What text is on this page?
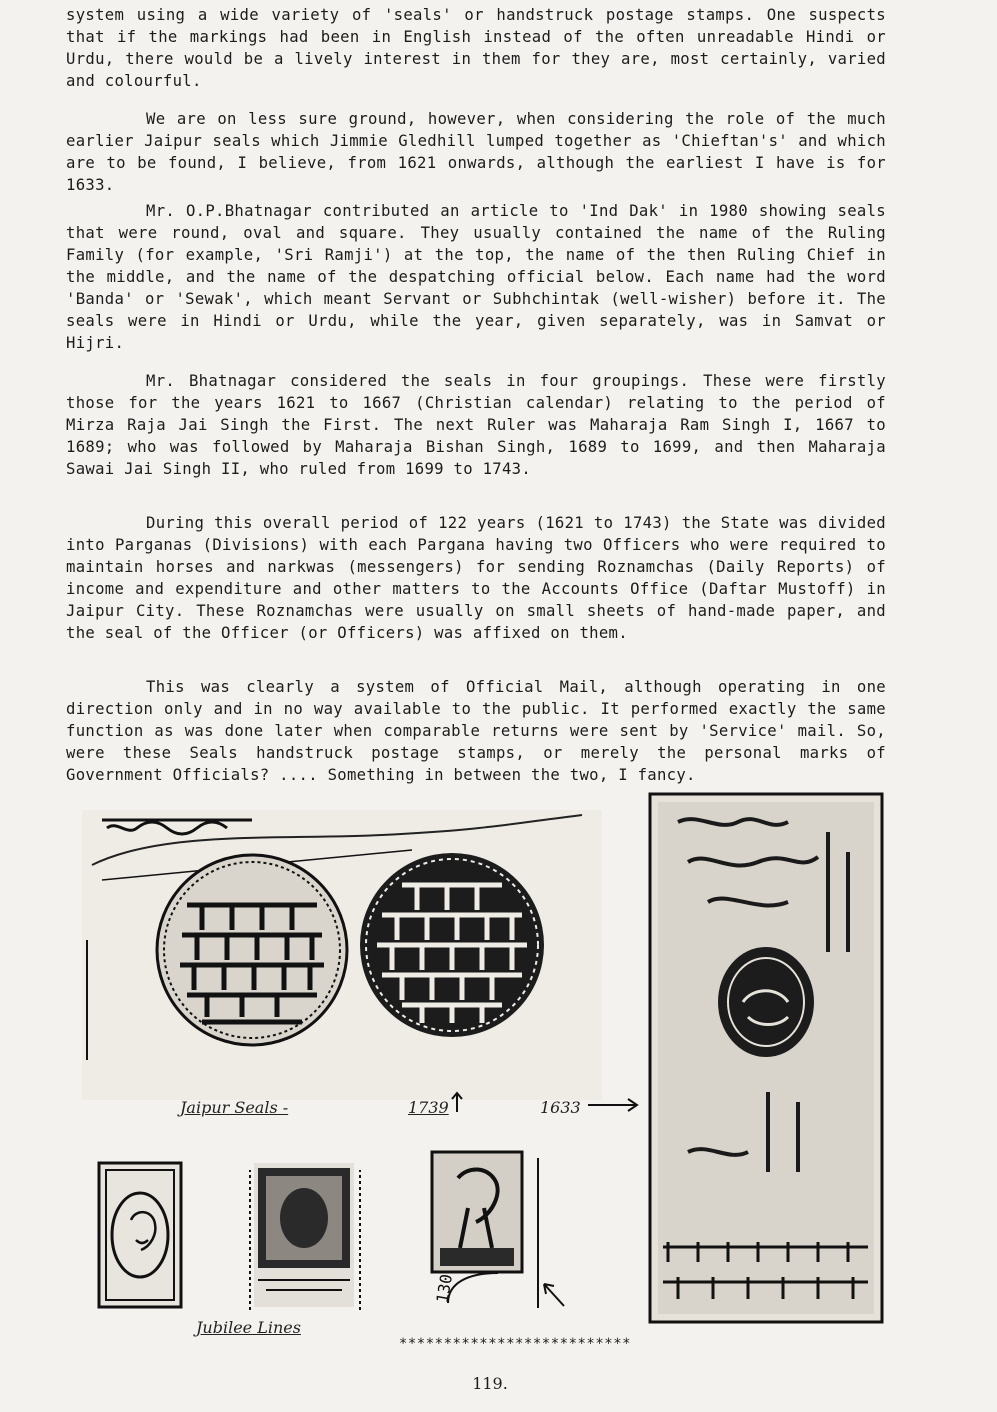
system using a wide variety of 'seals' or handstruck postage stamps. One suspects that if the markings had been in English instead of the often unreadable Hindi or Urdu, there would be a lively interest in them for they are, most certainly, varied and colourful.

We are on less sure ground, however, when considering the role of the much earlier Jaipur seals which Jimmie Gledhill lumped together as 'Chieftan's' and which are to be found, I believe, from 1621 onwards, although the earliest I have is for 1633.

Mr. O.P.Bhatnagar contributed an article to 'Ind Dak' in 1980 showing seals that were round, oval and square. They usually contained the name of the Ruling Family (for example, 'Sri Ramji') at the top, the name of the then Ruling Chief in the middle, and the name of the despatching official below. Each name had the word 'Banda' or 'Sewak', which meant Servant or Subhchintak (well-wisher) before it. The seals were in Hindi or Urdu, while the year, given separately, was in Samvat or Hijri.

Mr. Bhatnagar considered the seals in four groupings. These were firstly those for the years 1621 to 1667 (Christian calendar) relating to the period of Mirza Raja Jai Singh the First. The next Ruler was Maharaja Ram Singh I, 1667 to 1689; who was followed by Maharaja Bishan Singh, 1689 to 1699, and then Maharaja Sawai Jai Singh II, who ruled from 1699 to 1743.

During this overall period of 122 years (1621 to 1743) the State was divided into Parganas (Divisions) with each Pargana having two Officers who were required to maintain horses and narkwas (messengers) for sending Roznamchas (Daily Reports) of income and expenditure and other matters to the Accounts Office (Daftar Mustoff) in Jaipur City. These Roznamchas were usually on small sheets of hand-made paper, and the seal of the Officer (or Officers) was affixed on them.

This was clearly a system of Official Mail, although operating in one direction only and in no way available to the public. It performed exactly the same function as was done later when comparable returns were sent by 'Service' mail. So, were these Seals handstruck postage stamps, or merely the personal marks of Government Officials? .... Something in between the two, I fancy.

Jaipur Seals -	1739	1633
130
Jubilee Lines
**************************
119.
